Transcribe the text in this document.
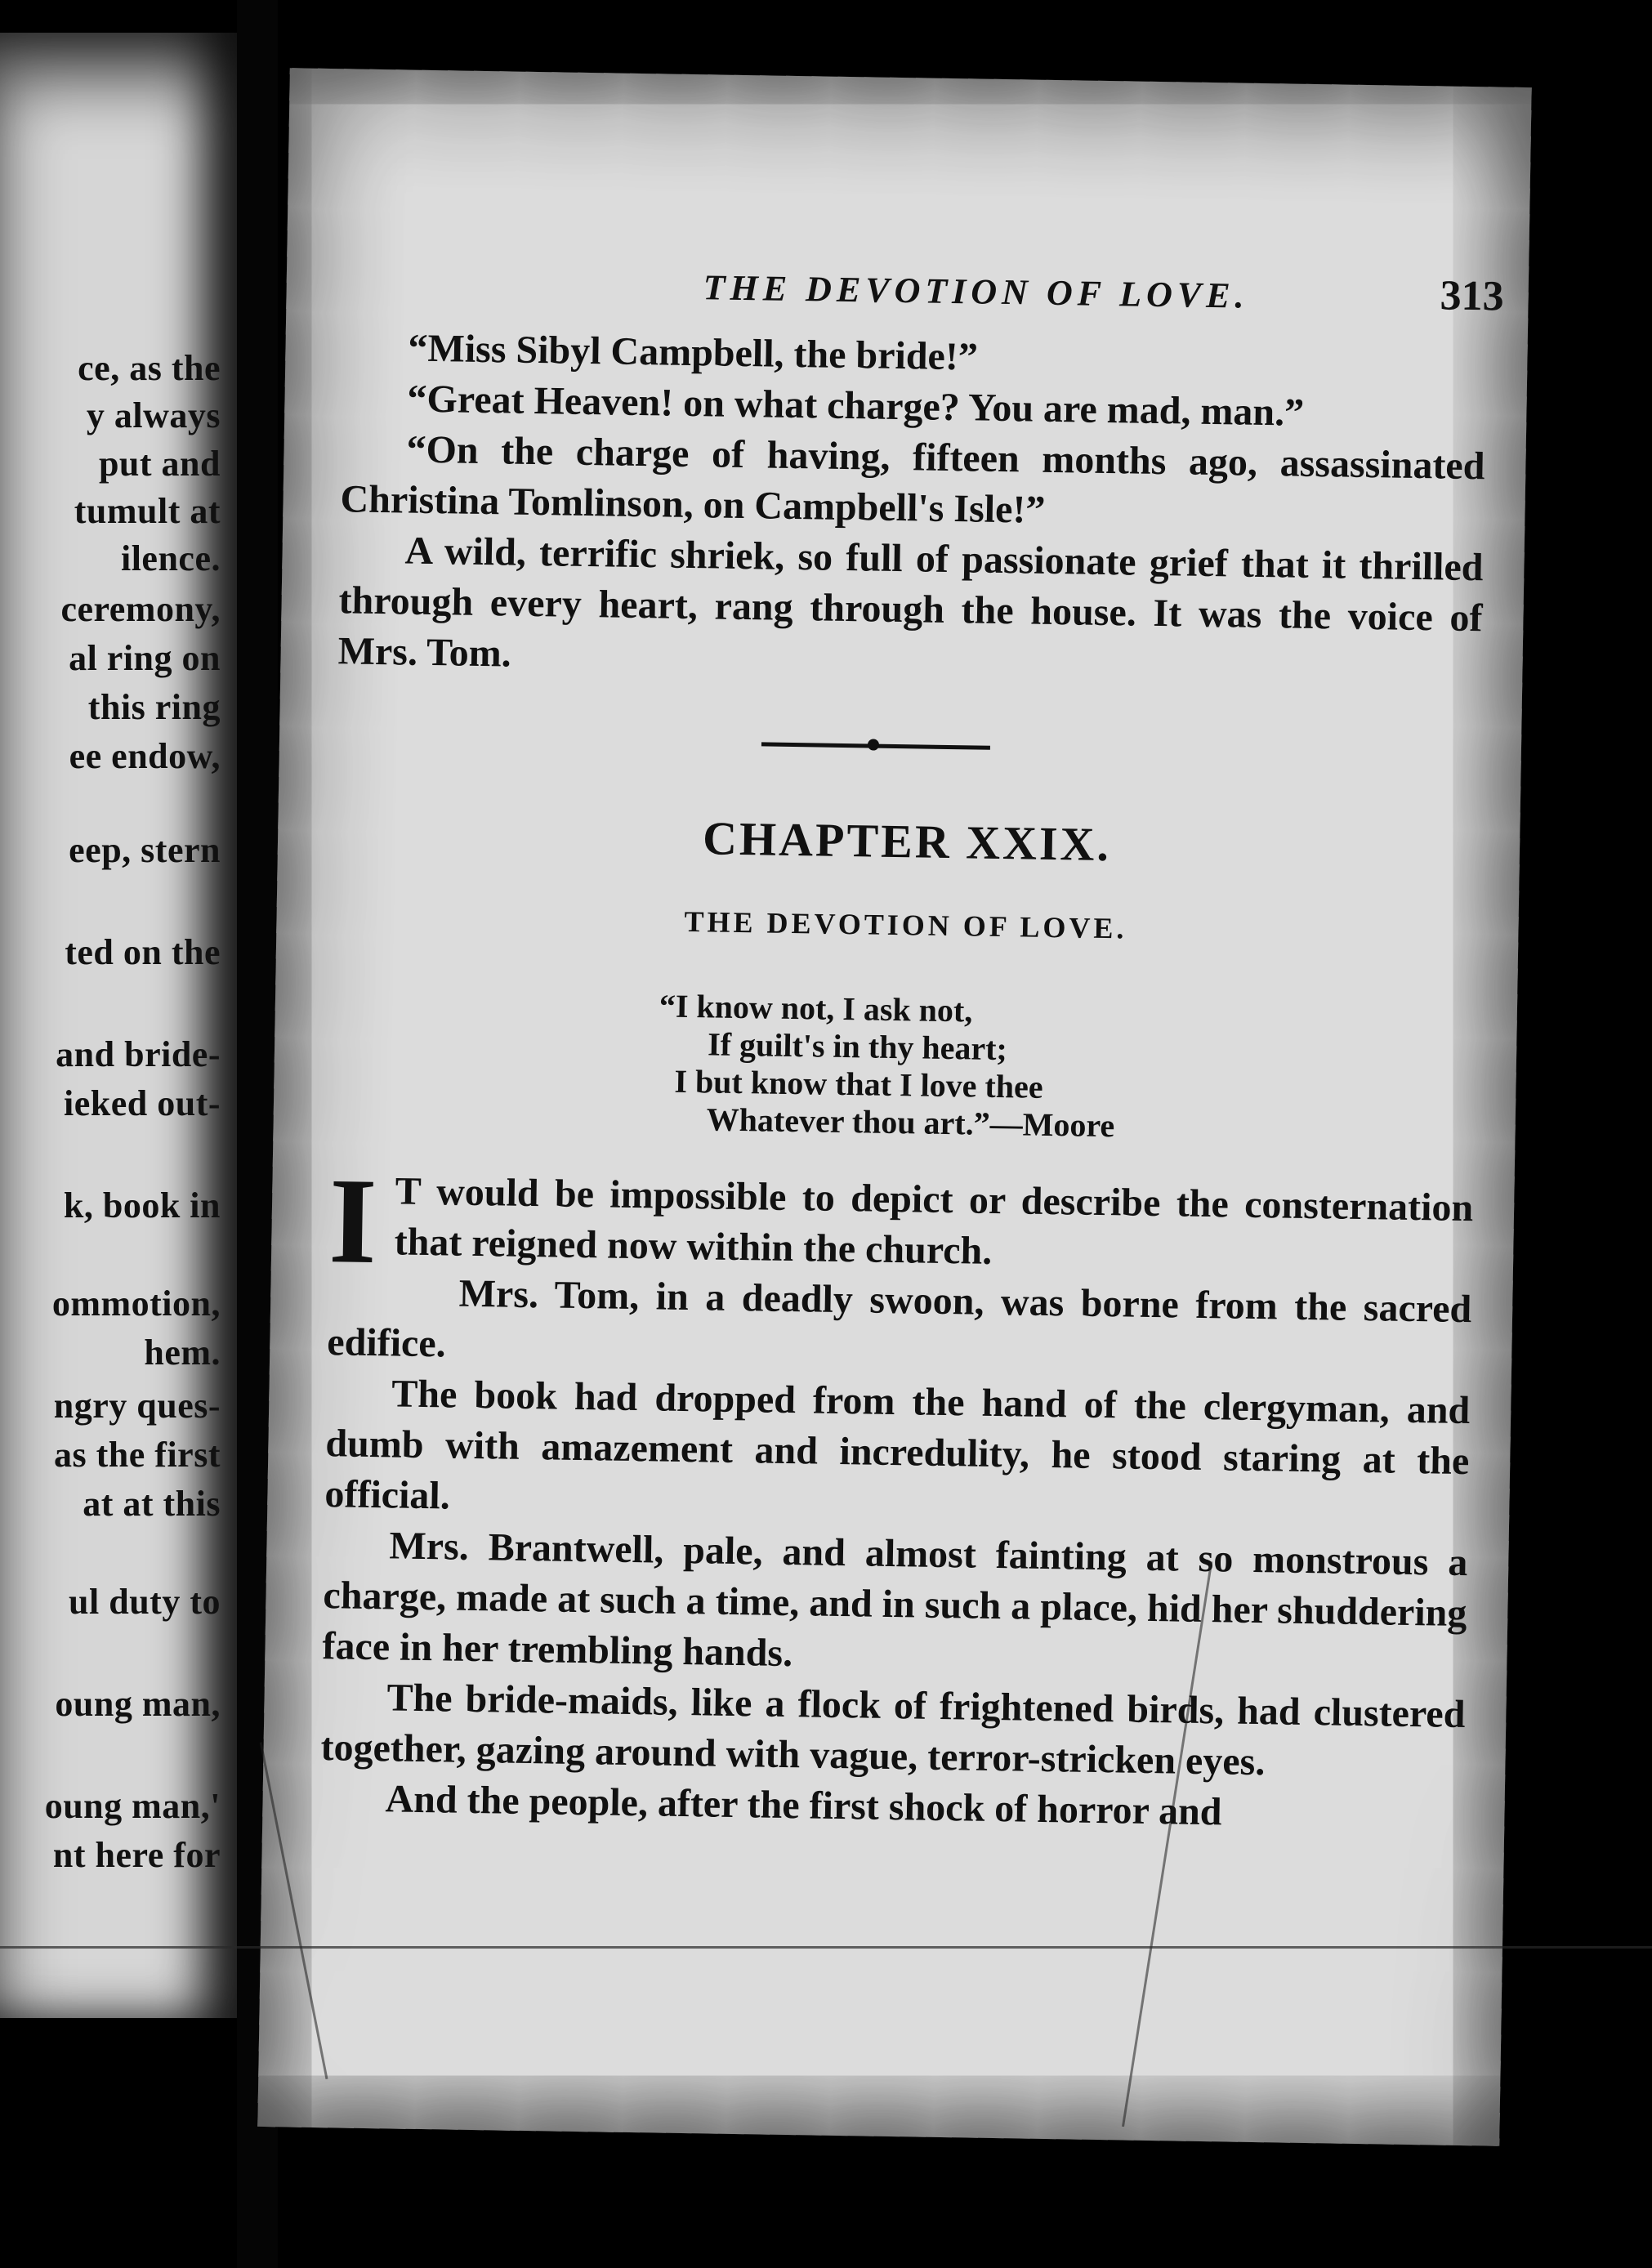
ce, as the
y always
put and
tumult at
ilence.
ceremony,
al ring on
this ring
ee endow,
eep, stern
ted on the
and bride-
ieked out-
k, book in
ommotion,
hem.
ngry ques-
as the first
at at this
ul duty to
oung man,
oung man,'
nt here for
THE DEVOTION OF LOVE.	313

“Miss Sibyl Campbell, the bride!”

“Great Heaven! on what charge? You are mad, man.”

“On the charge of having, fifteen months ago, assassinated Christina Tomlinson, on Campbell's Isle!”

A wild, terrific shriek, so full of passionate grief that it thrilled through every heart, rang through the house. It was the voice of Mrs. Tom.

CHAPTER XXIX.
THE DEVOTION OF LOVE.
“I know not, I ask not,
If guilt's in thy heart;
I but know that I love thee
Whatever thou art.”—Moore
I T would be impossible to depict or describe the consternation that reigned now within the church.

Mrs. Tom, in a deadly swoon, was borne from the sacred edifice.

The book had dropped from the hand of the clergyman, and dumb with amazement and incredulity, he stood staring at the official.

Mrs. Brantwell, pale, and almost fainting at so monstrous a charge, made at such a time, and in such a place, hid her shuddering face in her trembling hands.

The bride-maids, like a flock of frightened birds, had clustered together, gazing around with vague, terror-stricken eyes.

And the people, after the first shock of horror and
